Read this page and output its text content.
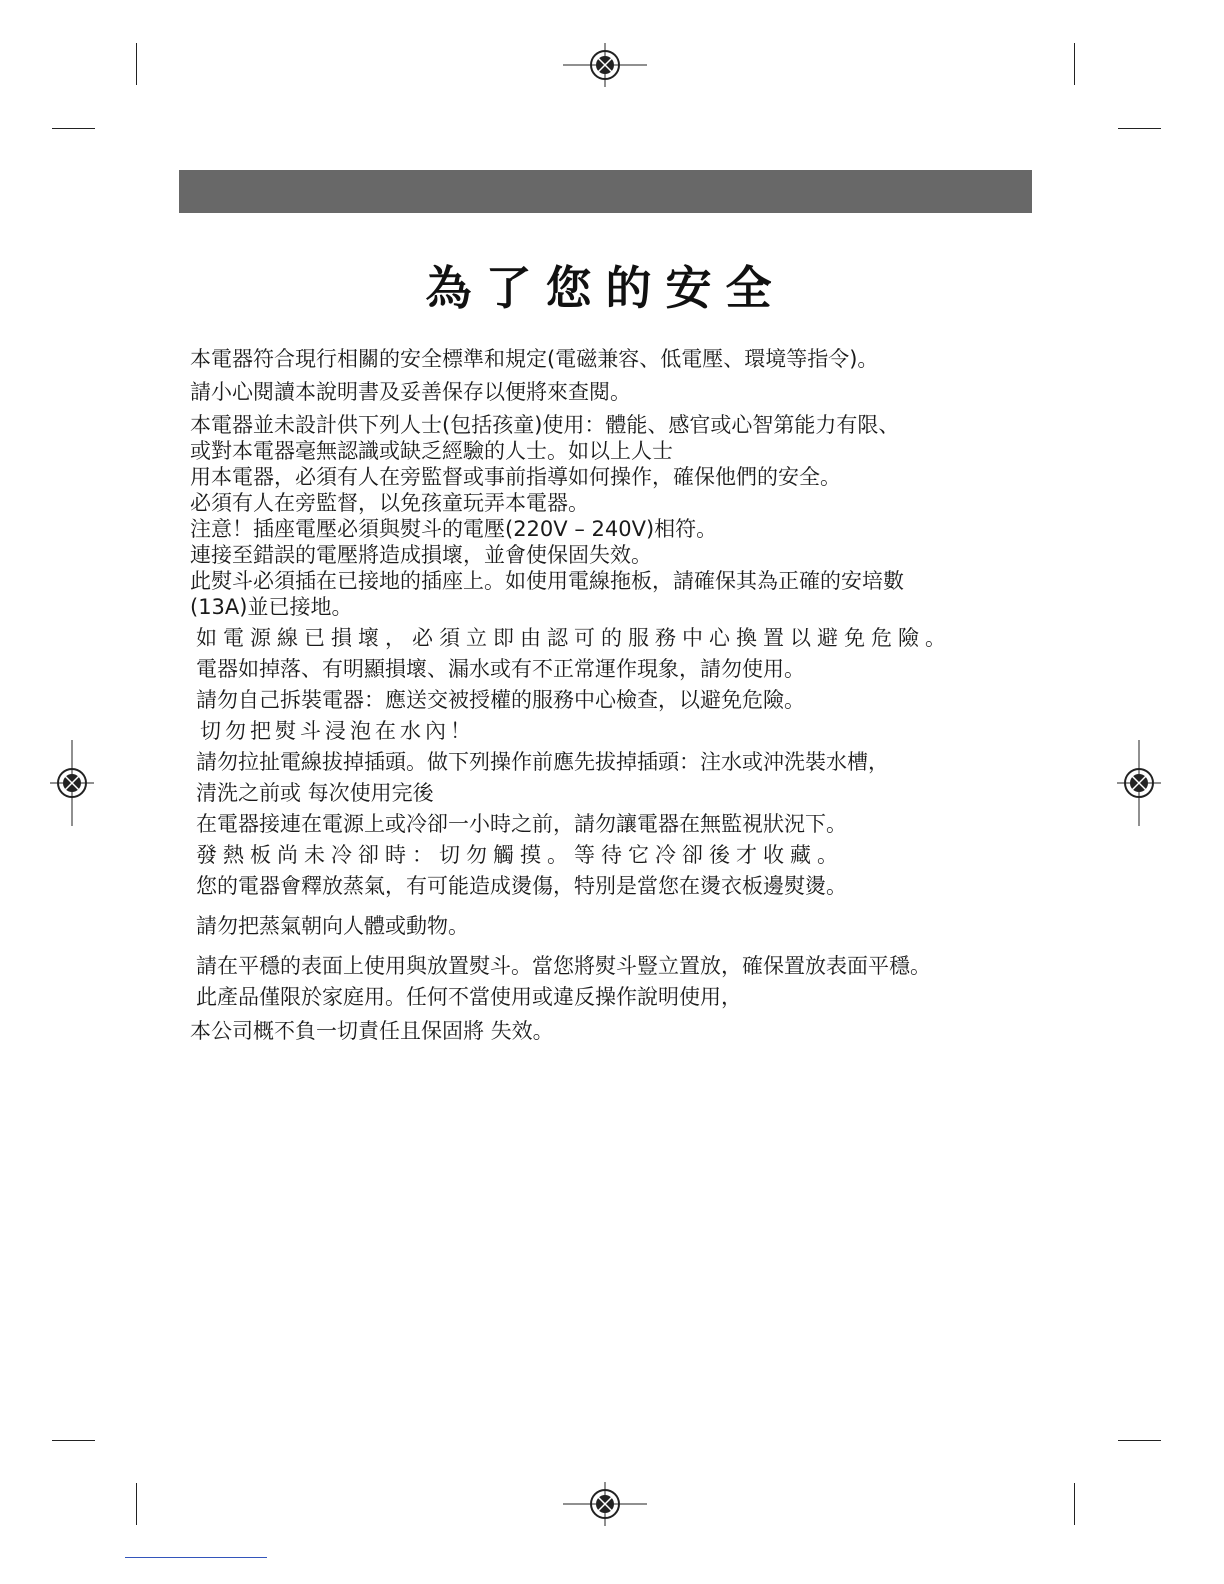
為了您的安全

本電器符合現行相關的安全標準和規定(電磁兼容、低電壓、環境等指令)。

請小心閱讀本說明書及妥善保存以便將來查閱。

本電器並未設計供下列人士(包括孩童)使用：體能、感官或心智第能力有限、

或對本電器毫無認識或缺乏經驗的人士。如以上人士

用本電器，必須有人在旁監督或事前指導如何操作，確保他們的安全。

必須有人在旁監督，以免孩童玩弄本電器。

注意！插座電壓必須與熨斗的電壓(220V – 240V)相符。

連接至錯誤的電壓將造成損壞，並會使保固失效。

此熨斗必須插在已接地的插座上。如使用電線拖板，請確保其為正確的安培數

(13A)並已接地。

如電源線已損壞，必須立即由認可的服務中心換置以避免危險。

電器如掉落、有明顯損壞、漏水或有不正常運作現象，請勿使用。

請勿自己拆裝電器：應送交被授權的服務中心檢查，以避免危險。

切勿把熨斗浸泡在水內！

請勿拉扯電線拔掉插頭。做下列操作前應先拔掉插頭：注水或沖洗裝水槽，

清洗之前或 每次使用完後

在電器接連在電源上或冷卻一小時之前，請勿讓電器在無監視狀況下。

發熱板尚未冷卻時：切勿觸摸。等待它冷卻後才收藏。

您的電器會釋放蒸氣，有可能造成燙傷，特別是當您在燙衣板邊熨燙。

請勿把蒸氣朝向人體或動物。

請在平穩的表面上使用與放置熨斗。當您將熨斗豎立置放，確保置放表面平穩。

此產品僅限於家庭用。任何不當使用或違反操作說明使用，

本公司概不負一切責任且保固將 失效。
